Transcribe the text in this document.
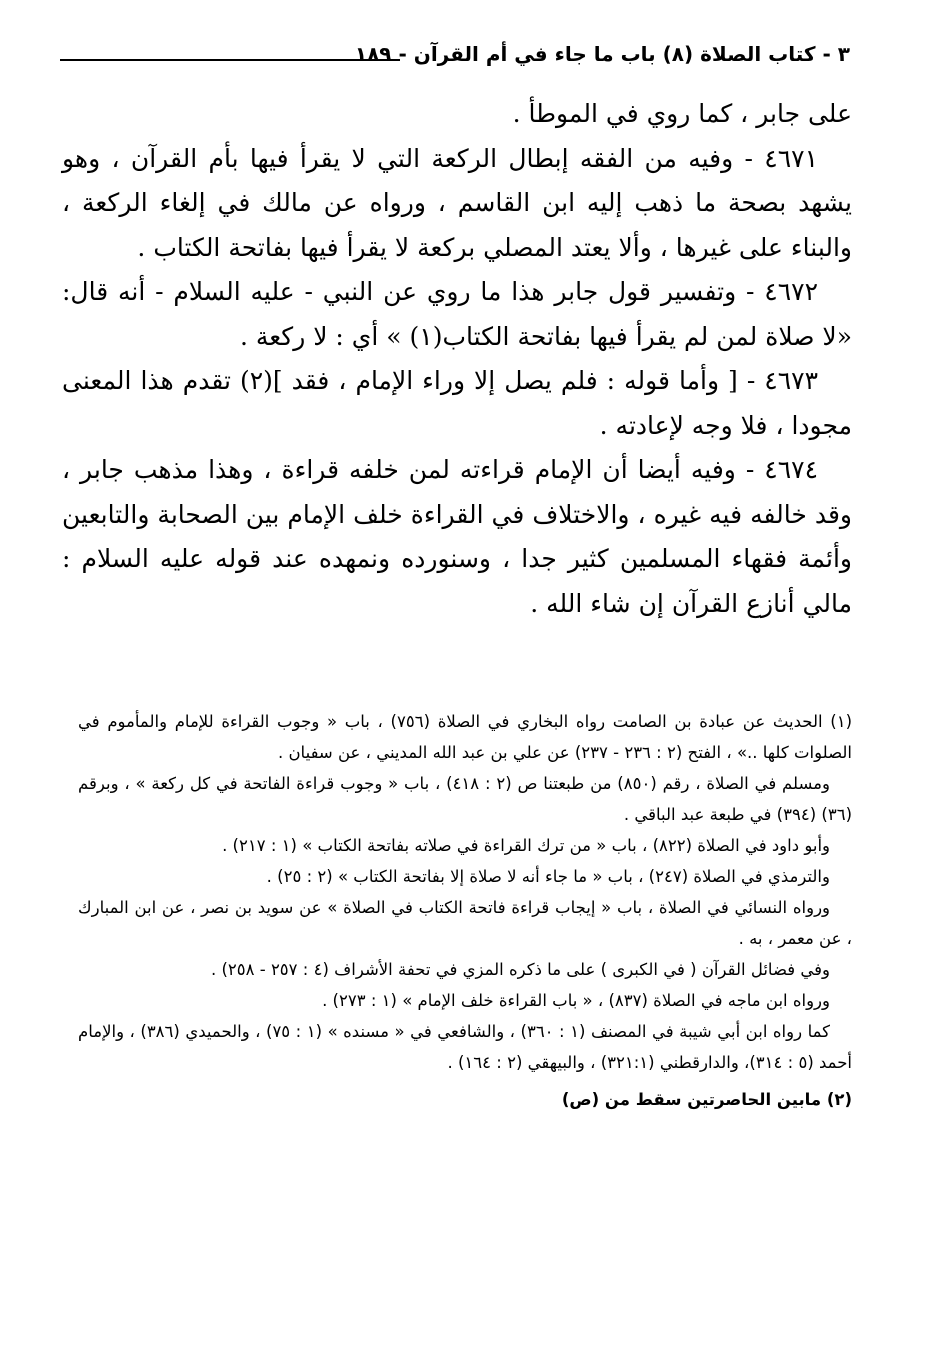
٣ - كتاب الصلاة (٨) باب ما جاء في أم القرآن - ١٨٩

على جابر ، كما روي في الموطأ .

٤٦٧١ - وفيه من الفقه إبطال الركعة التي لا يقرأ فيها بأم القرآن ، وهو يشهد بصحة ما ذهب إليه ابن القاسم ، ورواه عن مالك في إلغاء الركعة ، والبناء على غيرها ، وألا يعتد المصلي بركعة لا يقرأ فيها بفاتحة الكتاب .

٤٦٧٢ - وتفسير قول جابر هذا ما روي عن النبي - عليه السلام - أنه قال: «لا صلاة لمن لم يقرأ فيها بفاتحة الكتاب(١) » أي : لا ركعة .

٤٦٧٣ - [ وأما قوله : فلم يصل إلا وراء الإمام ، فقد ](٢) تقدم هذا المعنى مجودا ، فلا وجه لإعادته .

٤٦٧٤ - وفيه أيضا أن الإمام قراءته لمن خلفه قراءة ، وهذا مذهب جابر ، وقد خالفه فيه غيره ، والاختلاف في القراءة خلف الإمام بين الصحابة والتابعين وأئمة فقهاء المسلمين كثير جدا ، وسنورده ونمهده عند قوله عليه السلام : مالي أنازع القرآن إن شاء الله .

(١) الحديث عن عبادة بن الصامت رواه البخاري في الصلاة (٧٥٦) ، باب « وجوب القراءة للإمام والمأموم في الصلوات كلها ..» ، الفتح (٢ : ٢٣٦ - ٢٣٧) عن علي بن عبد الله المديني ، عن سفيان .

ومسلم في الصلاة ، رقم (٨٥٠) من طبعتنا ص (٢ : ٤١٨) ، باب « وجوب قراءة الفاتحة في كل ركعة » ، وبرقم (٣٦) (٣٩٤) في طبعة عبد الباقي .

وأبو داود في الصلاة (٨٢٢) ، باب « من ترك القراءة في صلاته بفاتحة الكتاب » (١ : ٢١٧) .

والترمذي في الصلاة (٢٤٧) ، باب « ما جاء أنه لا صلاة إلا بفاتحة الكتاب » (٢ : ٢٥) .

ورواه النسائي في الصلاة ، باب « إيجاب قراءة فاتحة الكتاب في الصلاة » عن سويد بن نصر ، عن ابن المبارك ، عن معمر ، به .

وفي فضائل القرآن ( في الكبرى ) على ما ذكره المزي في تحفة الأشراف (٤ : ٢٥٧ - ٢٥٨) .

ورواه ابن ماجه في الصلاة (٨٣٧) ، « باب القراءة خلف الإمام » (١ : ٢٧٣) .

كما رواه ابن أبي شيبة في المصنف (١ : ٣٦٠) ، والشافعي في « مسنده » (١ : ٧٥) ، والحميدي (٣٨٦) ، والإمام أحمد (٥ : ٣١٤)، والدارقطني (٣٢١:١) ، والبيهقي (٢ : ١٦٤) .

(٢) مابين الحاصرتين سقط من (ص)
